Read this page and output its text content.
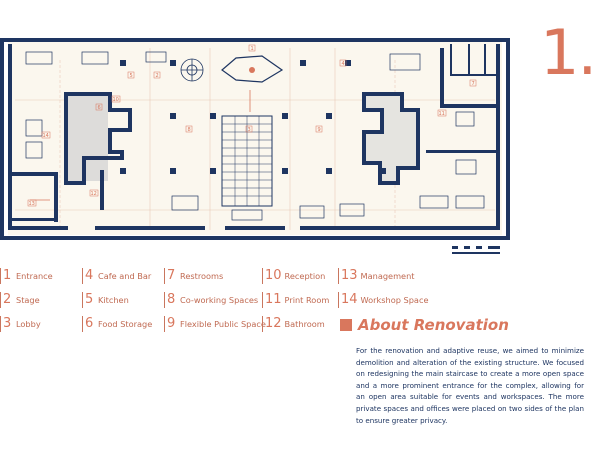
1
2
3
4
5
6
7
8	9
10
11
12
13
14
1.
1 Entrance
2 Stage
3 Lobby
4 Cafe and Bar
5 Kitchen
6 Food Storage
7 Restrooms
8 Co-working Spaces
9 Flexible Public Space
10 Reception
11 Print Room
12 Bathroom
13 Management
14 Workshop Space
About Renovation
For the renovation and adaptive reuse, we aimed to minimize demolition and alteration of the existing structure. We focused on redesigning the main staircase to create a more open space and a more prominent entrance for the complex, allowing for an open area suitable for events and workspaces. The more private spaces and offices were placed on two sides of the plan to ensure greater privacy.
